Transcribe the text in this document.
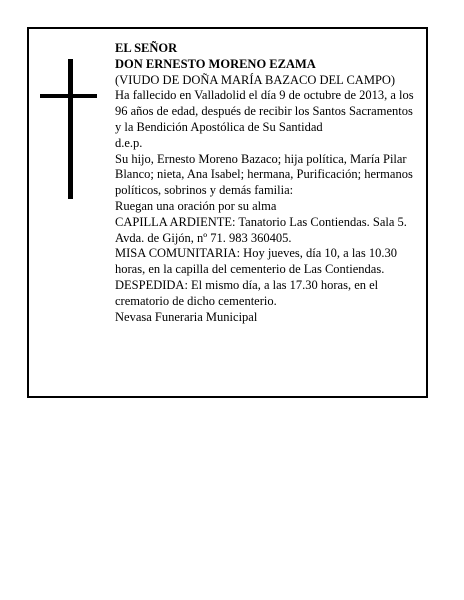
EL SEÑOR

DON ERNESTO MORENO EZAMA

(VIUDO DE DOÑA MARÍA BAZACO DEL CAMPO)

Ha fallecido en Valladolid el día 9 de octubre de 2013, a los 96 años de edad, después de recibir los Santos Sacramentos y la Bendición Apostólica de Su Santidad

d.e.p.

Su hijo, Ernesto Moreno Bazaco; hija política, María Pilar Blanco; nieta, Ana Isabel; hermana, Purificación; hermanos políticos, sobrinos y demás familia:

Ruegan una oración por su alma

CAPILLA ARDIENTE: Tanatorio Las Contiendas. Sala 5. Avda. de Gijón, nº 71. 983 360405.

MISA COMUNITARIA: Hoy jueves, día 10, a las 10.30 horas, en la capilla del cementerio de Las Contiendas.

DESPEDIDA: El mismo día, a las 17.30 horas, en el crematorio de dicho cementerio.

Nevasa Funeraria Municipal
